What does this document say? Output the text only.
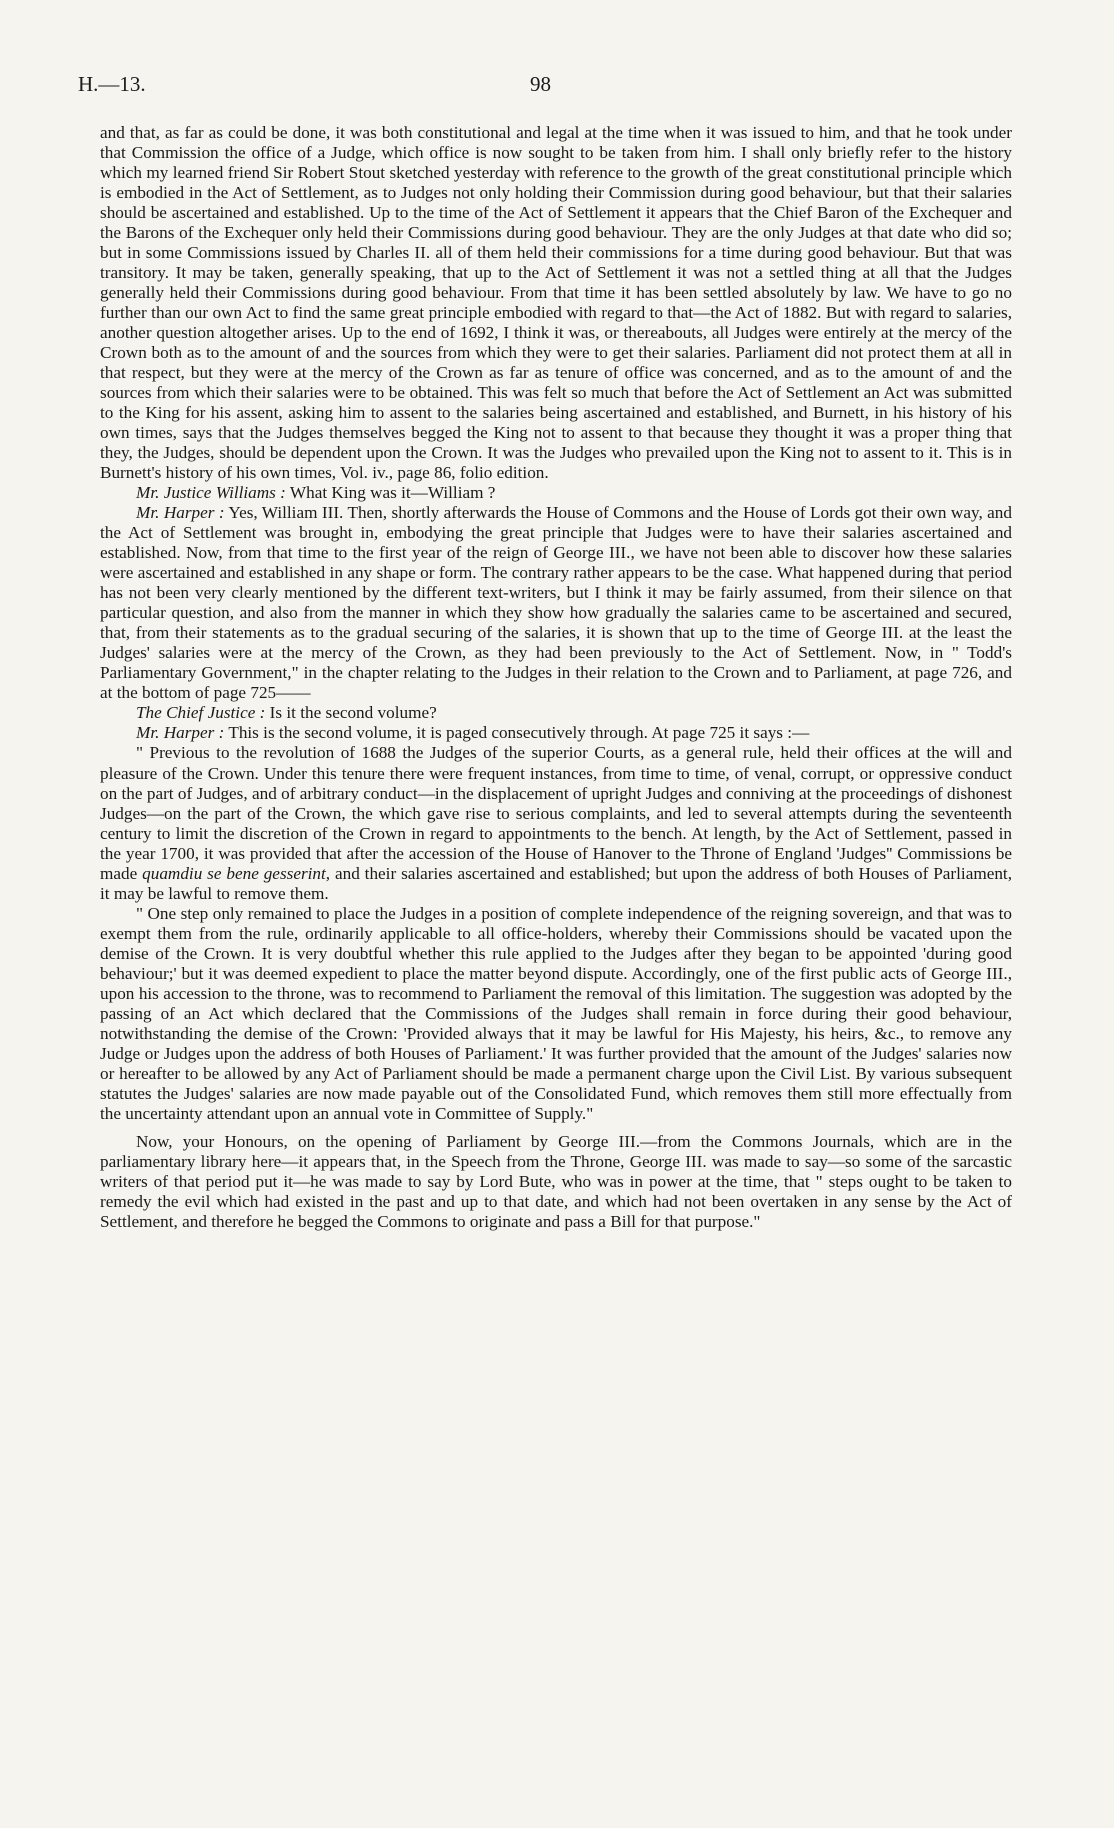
H.—13.	98

and that, as far as could be done, it was both constitutional and legal at the time when it was issued to him, and that he took under that Commission the office of a Judge, which office is now sought to be taken from him. I shall only briefly refer to the history which my learned friend Sir Robert Stout sketched yesterday with reference to the growth of the great constitutional principle which is embodied in the Act of Settlement, as to Judges not only holding their Commission during good behaviour, but that their salaries should be ascertained and established. Up to the time of the Act of Settlement it appears that the Chief Baron of the Exchequer and the Barons of the Exchequer only held their Commissions during good behaviour. They are the only Judges at that date who did so; but in some Commissions issued by Charles II. all of them held their commissions for a time during good behaviour. But that was transitory. It may be taken, generally speaking, that up to the Act of Settlement it was not a settled thing at all that the Judges generally held their Commissions during good behaviour. From that time it has been settled absolutely by law. We have to go no further than our own Act to find the same great principle embodied with regard to that—the Act of 1882. But with regard to salaries, another question altogether arises. Up to the end of 1692, I think it was, or thereabouts, all Judges were entirely at the mercy of the Crown both as to the amount of and the sources from which they were to get their salaries. Parliament did not protect them at all in that respect, but they were at the mercy of the Crown as far as tenure of office was concerned, and as to the amount of and the sources from which their salaries were to be obtained. This was felt so much that before the Act of Settlement an Act was submitted to the King for his assent, asking him to assent to the salaries being ascertained and established, and Burnett, in his history of his own times, says that the Judges themselves begged the King not to assent to that because they thought it was a proper thing that they, the Judges, should be dependent upon the Crown. It was the Judges who prevailed upon the King not to assent to it. This is in Burnett's history of his own times, Vol. iv., page 86, folio edition.

Mr. Justice Williams : What King was it—William ?

Mr. Harper : Yes, William III. Then, shortly afterwards the House of Commons and the House of Lords got their own way, and the Act of Settlement was brought in, embodying the great principle that Judges were to have their salaries ascertained and established. Now, from that time to the first year of the reign of George III., we have not been able to discover how these salaries were ascertained and established in any shape or form. The contrary rather appears to be the case. What happened during that period has not been very clearly mentioned by the different text-writers, but I think it may be fairly assumed, from their silence on that particular question, and also from the manner in which they show how gradually the salaries came to be ascertained and secured, that, from their statements as to the gradual securing of the salaries, it is shown that up to the time of George III. at the least the Judges' salaries were at the mercy of the Crown, as they had been previously to the Act of Settlement. Now, in " Todd's Parliamentary Government," in the chapter relating to the Judges in their relation to the Crown and to Parliament, at page 726, and at the bottom of page 725——

The Chief Justice : Is it the second volume?

Mr. Harper : This is the second volume, it is paged consecutively through. At page 725 it says :—

" Previous to the revolution of 1688 the Judges of the superior Courts, as a general rule, held their offices at the will and pleasure of the Crown. Under this tenure there were frequent instances, from time to time, of venal, corrupt, or oppressive conduct on the part of Judges, and of arbitrary conduct—in the displacement of upright Judges and conniving at the proceedings of dishonest Judges—on the part of the Crown, the which gave rise to serious complaints, and led to several attempts during the seventeenth century to limit the discretion of the Crown in regard to appointments to the bench. At length, by the Act of Settlement, passed in the year 1700, it was provided that after the accession of the House of Hanover to the Throne of England 'Judges'' Commissions be made quamdiu se bene gesserint, and their salaries ascertained and established; but upon the address of both Houses of Parliament, it may be lawful to remove them.

" One step only remained to place the Judges in a position of complete independence of the reigning sovereign, and that was to exempt them from the rule, ordinarily applicable to all office-holders, whereby their Commissions should be vacated upon the demise of the Crown. It is very doubtful whether this rule applied to the Judges after they began to be appointed 'during good behaviour;' but it was deemed expedient to place the matter beyond dispute. Accordingly, one of the first public acts of George III., upon his accession to the throne, was to recommend to Parliament the removal of this limitation. The suggestion was adopted by the passing of an Act which declared that the Commissions of the Judges shall remain in force during their good behaviour, notwithstanding the demise of the Crown: 'Provided always that it may be lawful for His Majesty, his heirs, &c., to remove any Judge or Judges upon the address of both Houses of Parliament.' It was further provided that the amount of the Judges' salaries now or hereafter to be allowed by any Act of Parliament should be made a permanent charge upon the Civil List. By various subsequent statutes the Judges' salaries are now made payable out of the Consolidated Fund, which removes them still more effectually from the uncertainty attendant upon an annual vote in Committee of Supply."

Now, your Honours, on the opening of Parliament by George III.—from the Commons Journals, which are in the parliamentary library here—it appears that, in the Speech from the Throne, George III. was made to say—so some of the sarcastic writers of that period put it—he was made to say by Lord Bute, who was in power at the time, that " steps ought to be taken to remedy the evil which had existed in the past and up to that date, and which had not been overtaken in any sense by the Act of Settlement, and therefore he begged the Commons to originate and pass a Bill for that purpose."
